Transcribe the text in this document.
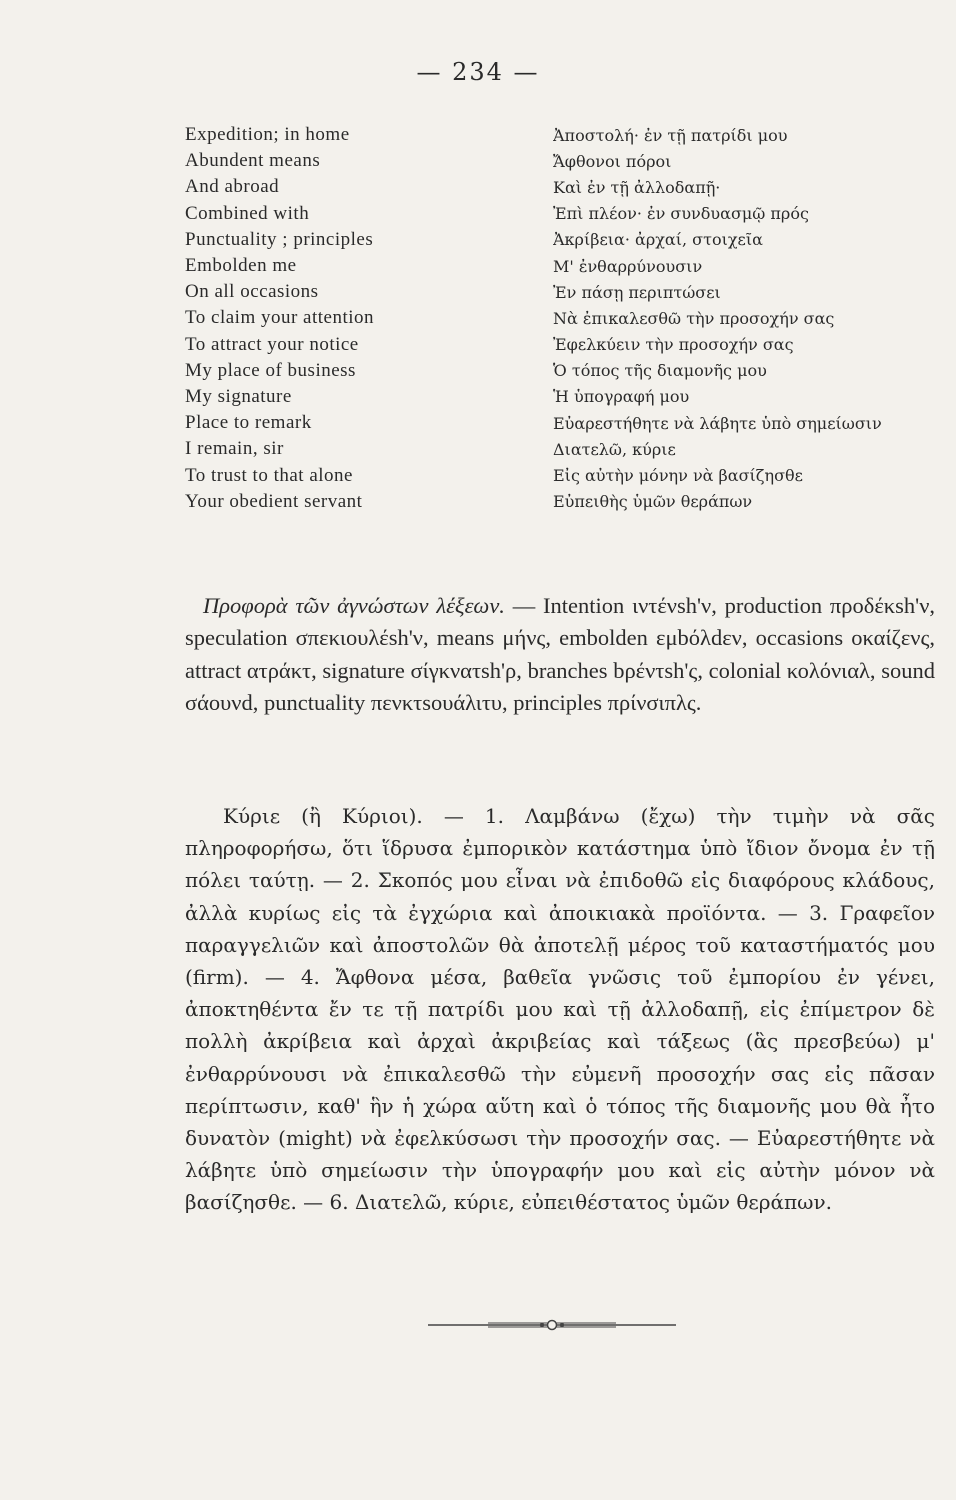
— 234 —
Expedition; in home	Ἀποστολή· ἐν τῇ πατρίδι μου
Abundent means	Ἄφθονοι πόροι
And abroad	Καὶ ἐν τῇ ἀλλοδαπῇ·
Combined with	Ἐπὶ πλέον· ἐν συνδυασμῷ πρός
Punctuality ; principles	Ἀκρίβεια· ἀρχαί, στοιχεῖα
Embolden me	Μ' ἐνθαρρύνουσιν
On all occasions	Ἐν πάσῃ περιπτώσει
To claim your attention	Νὰ ἐπικαλεσθῶ τὴν προσοχήν σας
To attract your notice	Ἐφελκύειν τὴν προσοχήν σας
My place of business	Ὁ τόπος τῆς διαμονῆς μου
My signature	Ἡ ὑπογραφή μου
Place to remark	Εὐαρεστήθητε νὰ λάβητε ὑπὸ σημείωσιν
I remain, sir	Διατελῶ, κύριε
To trust to that alone	Εἰς αὐτὴν μόνην νὰ βασίζησθε
Your obedient servant	Εὐπειθὴς ὑμῶν θεράπων
Προφορὰ τῶν ἀγνώστων λέξεων. — Intention ιντένsh'ν, production προδέκsh'ν, speculation σπεκιουλέsh'ν, means μήνς, embolden εμbόλdεν, occasions οκαίζενς, attract ατράκτ, signature σίγκνατsh'ρ, branches bρέντsh'ς, colonial κολόνιαλ, sound σάουνd, punctuality πενκτsουάλιτυ, principles πρίνσιπλς.
Κύριε (ἢ Κύριοι). — 1. Λαμβάνω (ἔχω) τὴν τιμὴν νὰ σᾶς πληροφορήσω, ὅτι ἵδρυσα ἐμπορικὸν κατάστημα ὑπὸ ἴδιον ὄνομα ἐν τῇ πόλει ταύτῃ. — 2. Σκοπός μου εἶναι νὰ ἐπιδοθῶ εἰς διαφόρους κλάδους, ἀλλὰ κυρίως εἰς τὰ ἐγχώρια καὶ ἀποικιακὰ προϊόντα. — 3. Γραφεῖον παραγγελιῶν καὶ ἀποστολῶν θὰ ἀποτελῇ μέρος τοῦ καταστήματός μου (firm). — 4. Ἄφθονα μέσα, βαθεῖα γνῶσις τοῦ ἐμπορίου ἐν γένει, ἀποκτηθέντα ἔν τε τῇ πατρίδι μου καὶ τῇ ἀλλοδαπῇ, εἰς ἐπίμετρον δὲ πολλὴ ἀκρίβεια καὶ ἀρχαὶ ἀκριβείας καὶ τάξεως (ἃς πρεσβεύω) μ' ἐνθαρρύνουσι νὰ ἐπικαλεσθῶ τὴν εὐμενῆ προσοχήν σας εἰς πᾶσαν περίπτωσιν, καθ' ἣν ἡ χώρα αὕτη καὶ ὁ τόπος τῆς διαμονῆς μου θὰ ἦτο δυνατὸν (might) νὰ ἐφελκύσωσι τὴν προσοχήν σας. — Εὐαρεστήθητε νὰ λάβητε ὑπὸ σημείωσιν τὴν ὑπογραφήν μου καὶ εἰς αὐτὴν μόνον νὰ βασίζησθε. — 6. Διατελῶ, κύριε, εὐπειθέστατος ὑμῶν θεράπων.
